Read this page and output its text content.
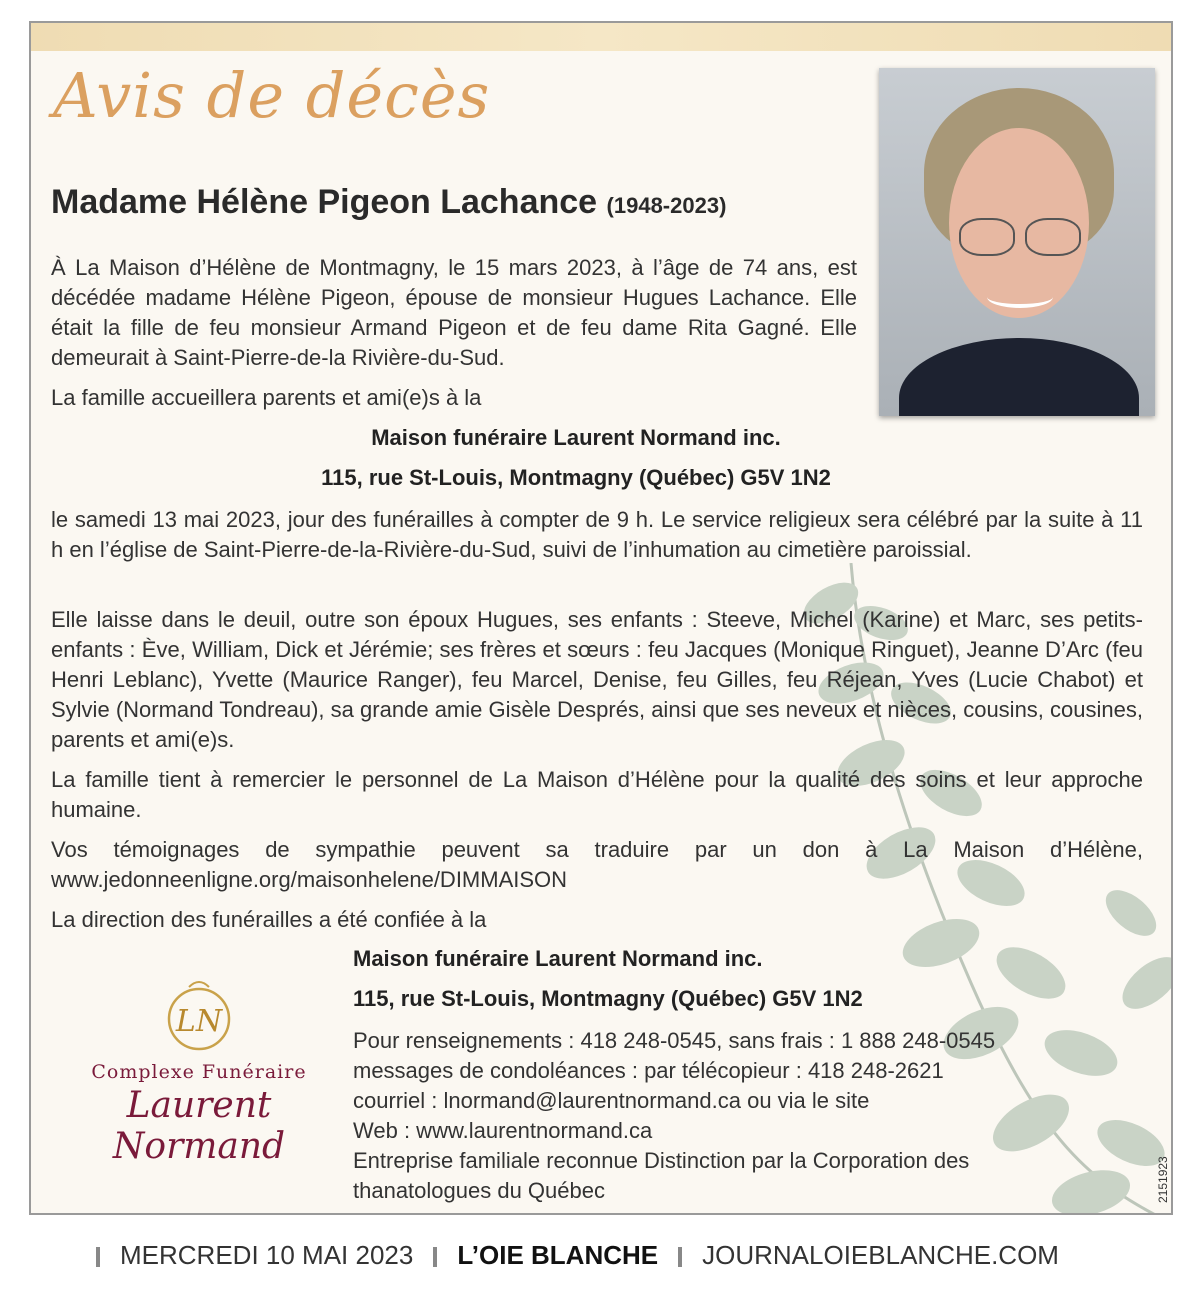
Avis de décès
Madame Hélène Pigeon Lachance (1948-2023)
À La Maison d’Hélène de Montmagny, le 15 mars 2023, à l’âge de 74 ans, est décédée madame Hélène Pigeon, épouse de monsieur Hugues Lachance. Elle était la fille de feu monsieur Armand Pigeon et de feu dame Rita Gagné. Elle demeurait à Saint-Pierre-de-la Rivière-du-Sud.
La famille accueillera parents et ami(e)s à la
Maison funéraire Laurent Normand inc.
115, rue St-Louis, Montmagny (Québec) G5V 1N2
le samedi 13 mai 2023, jour des funérailles à compter de 9 h. Le service religieux sera célébré par la suite à 11 h en l’église de Saint-Pierre-de-la-Rivière-du-Sud, suivi de l’inhumation au cimetière paroissial.
Elle laisse dans le deuil, outre son époux Hugues, ses enfants : Steeve, Michel (Karine) et Marc, ses petits-enfants : Ève, William, Dick et Jérémie; ses frères et sœurs : feu Jacques (Monique Ringuet), Jeanne D’Arc (feu Henri Leblanc), Yvette (Maurice Ranger), feu Marcel, Denise, feu Gilles, feu Réjean, Yves (Lucie Chabot) et Sylvie (Normand Tondreau), sa grande amie Gisèle Després, ainsi que ses neveux et nièces, cousins, cousines, parents et ami(e)s.
La famille tient à remercier le personnel de La Maison d’Hélène pour la qualité des soins et leur approche humaine.
Vos témoignages de sympathie peuvent sa traduire par un don à La Maison d’Hélène,
www.jedonneenligne.org/maisonhelene/DIMMAISON
La direction des funérailles a été confiée à la
Maison funéraire Laurent Normand inc.
115, rue St-Louis, Montmagny (Québec) G5V 1N2
Pour renseignements : 418 248-0545, sans frais : 1 888 248-0545
messages de condoléances : par télécopieur : 418 248-2621
courriel : lnormand@laurentnormand.ca ou via le site
Web : www.laurentnormand.ca
Entreprise familiale reconnue Distinction par la Corporation des
thanatologues du Québec
LN
Complexe Funéraire
Laurent Normand
2151923
MERCREDI 10 MAI 2023 L’OIE BLANCHE JOURNALOIEBLANCHE.COM
